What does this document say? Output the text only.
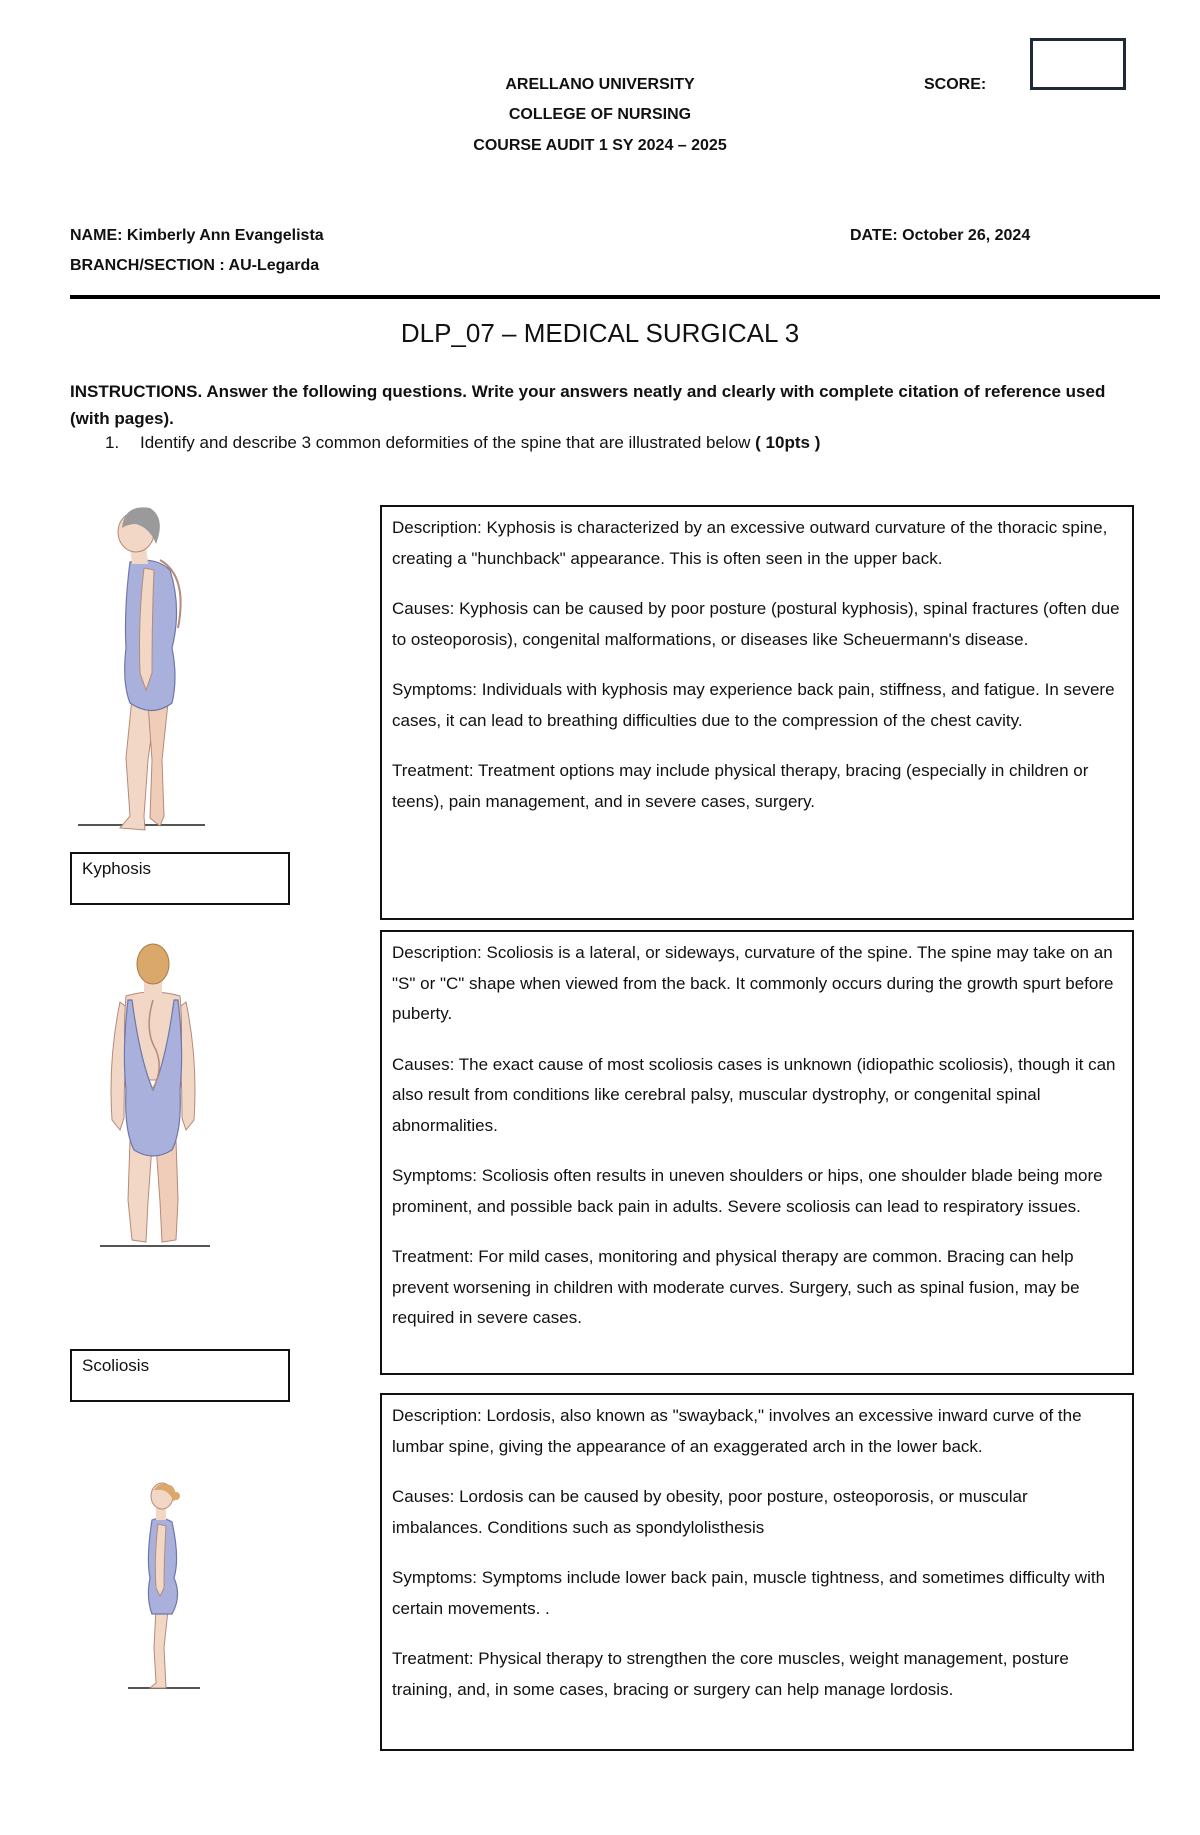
ARELLANO UNIVERSITY
COLLEGE OF NURSING
COURSE AUDIT 1 SY 2024 – 2025
SCORE:
NAME: Kimberly Ann Evangelista
BRANCH/SECTION : AU-Legarda
DATE: October 26, 2024
DLP_07 – MEDICAL SURGICAL 3
INSTRUCTIONS. Answer the following questions. Write your answers neatly and clearly with complete citation of reference used (with pages).
1. Identify and describe 3 common deformities of the spine that are illustrated below ( 10pts )
Kyphosis

Description: Kyphosis is characterized by an excessive outward curvature of the thoracic spine, creating a "hunchback" appearance. This is often seen in the upper back.

Causes: Kyphosis can be caused by poor posture (postural kyphosis), spinal fractures (often due to osteoporosis), congenital malformations, or diseases like Scheuermann's disease.

Symptoms: Individuals with kyphosis may experience back pain, stiffness, and fatigue. In severe cases, it can lead to breathing difficulties due to the compression of the chest cavity.

Treatment: Treatment options may include physical therapy, bracing (especially in children or teens), pain management, and in severe cases, surgery.

Scoliosis

Description: Scoliosis is a lateral, or sideways, curvature of the spine. The spine may take on an "S" or "C" shape when viewed from the back. It commonly occurs during the growth spurt before puberty.

Causes: The exact cause of most scoliosis cases is unknown (idiopathic scoliosis), though it can also result from conditions like cerebral palsy, muscular dystrophy, or congenital spinal abnormalities.

Symptoms: Scoliosis often results in uneven shoulders or hips, one shoulder blade being more prominent, and possible back pain in adults. Severe scoliosis can lead to respiratory issues.

Treatment: For mild cases, monitoring and physical therapy are common. Bracing can help prevent worsening in children with moderate curves. Surgery, such as spinal fusion, may be required in severe cases.

Description: Lordosis, also known as "swayback," involves an excessive inward curve of the lumbar spine, giving the appearance of an exaggerated arch in the lower back.

Causes: Lordosis can be caused by obesity, poor posture, osteoporosis, or muscular imbalances. Conditions such as spondylolisthesis

Symptoms: Symptoms include lower back pain, muscle tightness, and sometimes difficulty with certain movements. .

Treatment: Physical therapy to strengthen the core muscles, weight management, posture training, and, in some cases, bracing or surgery can help manage lordosis.
